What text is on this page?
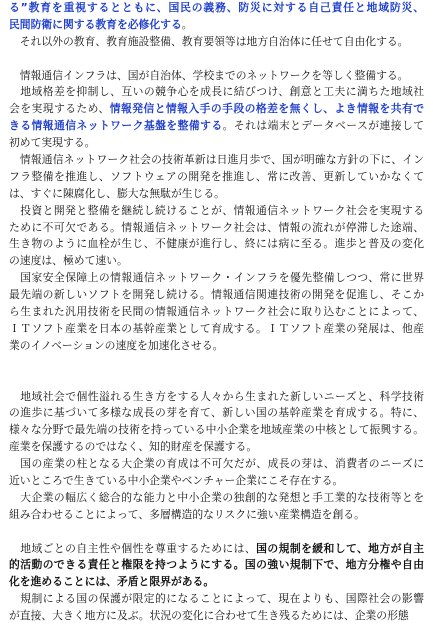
る”教育を重視するとともに、国民の義務、防災に対する自己責任と地域防災、
民間防衛に関する教育を必修化する。
　それ以外の教育、教育施設整備、教育要領等は地方自治体に任せて自由化する。
　情報通信インフラは、国が自治体、学校までのネットワークを等しく整備する。
　地域格差を抑制し、互いの競争心を成長に結びつけ、創意と工夫に満ちた地域社
会を実現するため、情報発信と情報入手の手段の格差を無くし、よき情報を共有で
きる情報通信ネットワーク基盤を整備する。それは端末とデータベースが連接して
初めて実現する。
　情報通信ネットワーク社会の技術革新は日進月歩で、国が明確な方針の下に、イン
フラ整備を推進し、ソフトウェアの開発を推進し、常に改善、更新していかなくて
は、すぐに陳腐化し、膨大な無駄が生じる。
　投資と開発と整備を継続し続けることが、情報通信ネットワーク社会を実現する
ために不可欠である。情報通信ネットワーク社会は、情報の流れが停滞した途端、
生き物のように血栓が生じ、不健康が進行し、終には病に至る。進歩と普及の変化
の速度は、極めて速い。
　国家安全保障上の情報通信ネットワーク・インフラを優先整備しつつ、常に世界
最先端の新しいソフトを開発し続ける。情報通信関連技術の開発を促進し、そこか
ら生まれた汎用技術を民間の情報通信ネットワーク社会に取り込むことによって、
ＩＴソフト産業を日本の基幹産業として育成する。ＩＴソフト産業の発展は、他産
業のイノベーションの速度を加速化させる。
　地域社会で個性溢れる生き方をする人々から生まれた新しいニーズと、科学技術
の進歩に基づいて多様な成長の芽を育て、新しい国の基幹産業を育成する。特に、
様々な分野で最先端の技術を持っている中小企業を地域産業の中核として振興する。
産業を保護するのではなく、知的財産を保護する。
　国の産業の柱となる大企業の育成は不可欠だが、成長の芽は、消費者のニーズに
近いところで生きている中小企業やベンチャー企業にこそ存在する。
　大企業の幅広く総合的な能力と中小企業の独創的な発想と手工業的な技術等とを
組み合わせることによって、多層構造的なリスクに強い産業構造を創る。
　地域ごとの自主性や個性を尊重するためには、国の規制を緩和して、地方が自主
的活動のできる責任と権限を持つようにする。国の強い規制下で、地方分権や自由
化を進めることには、矛盾と限界がある。
　規制による国の保護が限定的になることによって、現在よりも、国際社会の影響
が直接、大きく地方に及ぶ。状況の変化に合わせて生き残るためには、企業の形態
